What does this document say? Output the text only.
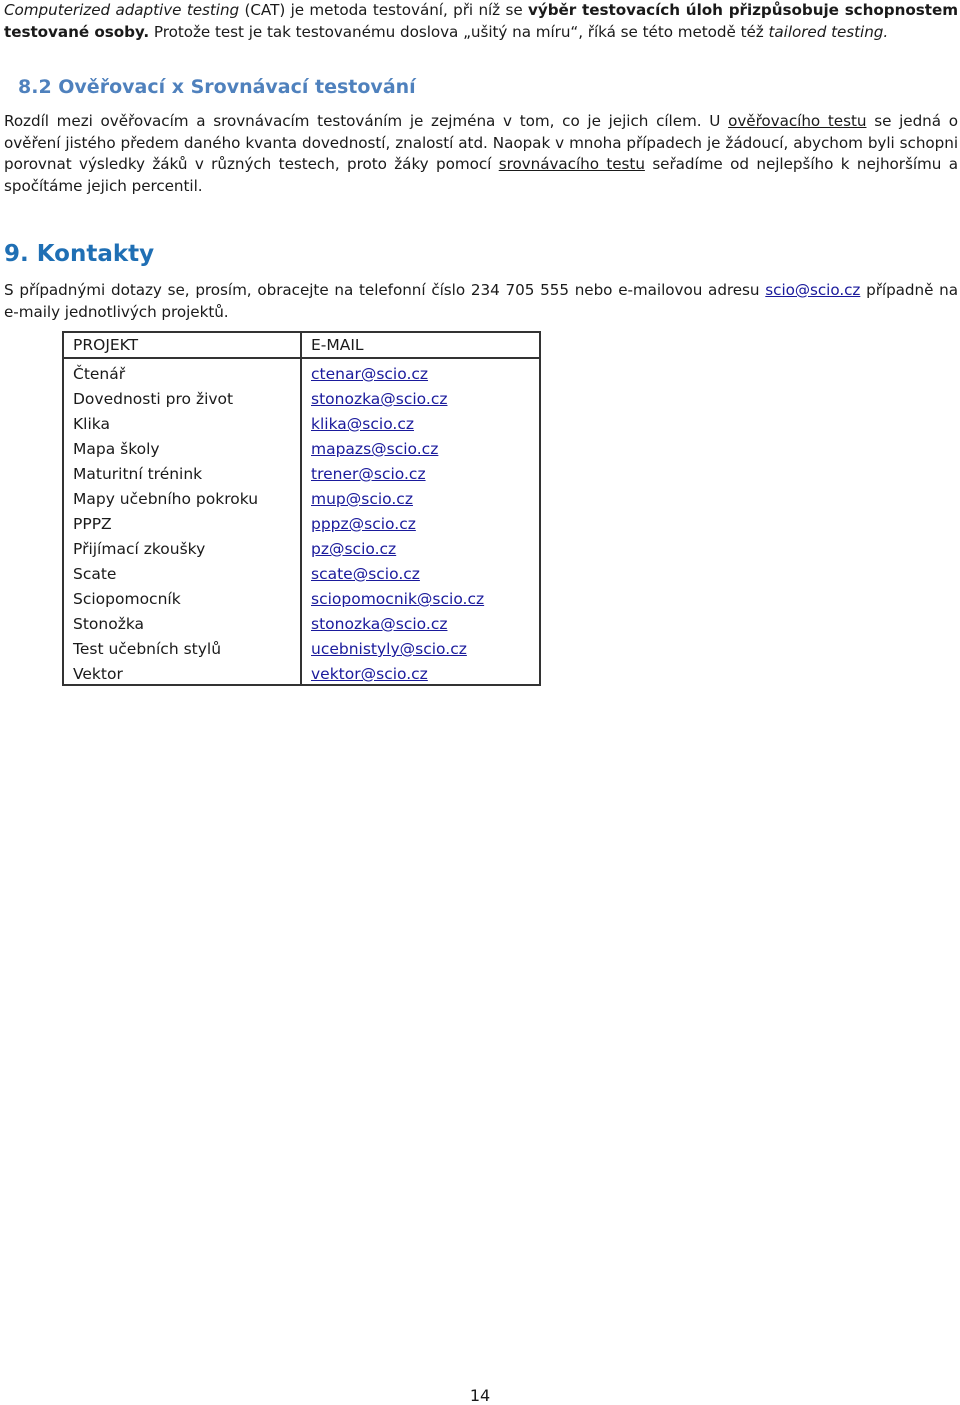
Computerized adaptive testing (CAT) je metoda testování, při níž se výběr testovacích úloh přizpůsobuje schopnostem testované osoby. Protože test je tak testovanému doslova „ušitý na míru“, říká se této metodě též tailored testing.

8.2 Ověřovací x Srovnávací testování

Rozdíl mezi ověřovacím a srovnávacím testováním je zejména v tom, co je jejich cílem. U ověřovacího testu se jedná o ověření jistého předem daného kvanta dovedností, znalostí atd. Naopak v mnoha případech je žádoucí, abychom byli schopni porovnat výsledky žáků v různých testech, proto žáky pomocí srovnávacího testu seřadíme od nejlepšího k nejhoršímu a spočítáme jejich percentil.

9. Kontakty

S případnými dotazy se, prosím, obracejte na telefonní číslo 234 705 555 nebo e-mailovou adresu scio@scio.cz případně na e-maily jednotlivých projektů.

PROJEKT	E-MAIL
Čtenář	ctenar@scio.cz
Dovednosti pro život	stonozka@scio.cz
Klika	klika@scio.cz
Mapa školy	mapazs@scio.cz
Maturitní trénink	trener@scio.cz
Mapy učebního pokroku	mup@scio.cz
PPPZ	pppz@scio.cz
Přijímací zkoušky	pz@scio.cz
Scate	scate@scio.cz
Sciopomocník	sciopomocnik@scio.cz
Stonožka	stonozka@scio.cz
Test učebních stylů	ucebnistyly@scio.cz
Vektor	vektor@scio.cz
14
